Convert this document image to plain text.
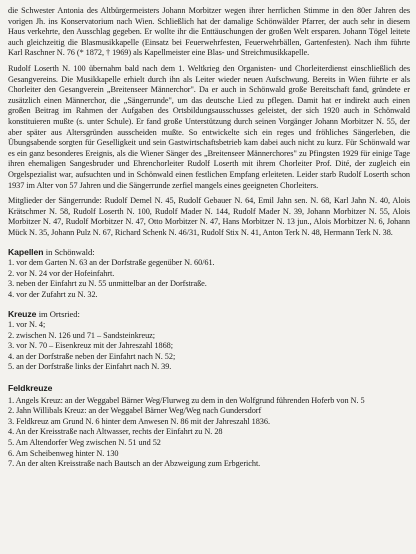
die Schwester Antonia des Altbürgermeisters Johann Morbitzer wegen ihrer herrlichen Stimme in den 80er Jahren des vorigen Jh. ins Konservatorium nach Wien. Schließlich hat der damalige Schönwälder Pfarrer, der auch sehr in diesem Haus verkehrte, den Ausschlag gegeben. Er wollte ihr die Enttäuschungen der großen Welt ersparen. Johann Tögel leitete auch gleichzeitig die Blasmusikkapelle (Einsatz bei Feuerwehrfesten, Feuerwehrbällen, Gartenfesten). Nach ihm führte Karl Raschner N. 76 (* 1872, † 1969) als Kapellmeister eine Blas- und Streichmusikkapelle.

Rudolf Loserth N. 100 übernahm bald nach dem 1. Weltkrieg den Organisten- und Chorleiterdienst einschließlich des Gesangvereins. Die Musikkapelle erhielt durch ihn als Leiter wieder neuen Aufschwung. Bereits in Wien führte er als Chorleiter den Gesangverein „Breitenseer Männerchor". Da er auch in Schönwald große Bereitschaft fand, gründete er zusätzlich einen Männerchor, die „Sängerrunde", um das deutsche Lied zu pflegen. Damit hat er indirekt auch einen großen Beitrag im Rahmen der Aufgaben des Ortsbildungsausschusses geleistet, der sich 1920 auch in Schönwald konstituieren mußte (s. unter Schule). Er fand große Unterstützung durch seinen Vorgänger Johann Morbitzer N. 55, der aber später aus Altersgründen ausscheiden mußte. So entwickelte sich ein reges und fröhliches Sängerleben, die Übungsabende sorgten für Geselligkeit und sein Gastwirtschaftsbetrieb kam dabei auch nicht zu kurz. Für Schönwald war es ein ganz besonderes Ereignis, als die Wiener Sänger des „Breitenseer Männerchores" zu Pfingsten 1929 für einige Tage ihren ehemaligen Sangesbruder und Ehrenchorleiter Rudolf Loserth mit ihrem Chorleiter Prof. Dité, der zugleich ein Orgelspezialist war, aufsuchten und in Schönwald einen festlichen Empfang erleiteten. Leider starb Rudolf Loserth schon 1937 im Alter von 57 Jahren und die Sängerrunde zerfiel mangels eines geeigneten Chorleiters.

Mitglieder der Sängerrunde: Rudolf Demel N. 45, Rudolf Gebauer N. 64, Emil Jahn sen. N. 68, Karl Jahn N. 40, Alois Krätschmer N. 58, Rudolf Loserth N. 100, Rudolf Mader N. 144, Rudolf Mader N. 39, Johann Morbitzer N. 55, Alois Morbitzer N. 47, Rudolf Morbitzer N. 47, Otto Morbitzer N. 47, Hans Morbitzer N. 13 jun., Alois Morbitzer N. 6, Johann Mück N. 35, Johann Pulz N. 67, Richard Schenk N. 46/31, Rudolf Stix N. 41, Anton Terk N. 48, Hermann Terk N. 38.

Kapellen in Schönwald:
1. vor dem Garten N. 63 an der Dorfstraße gegenüber N. 60/61.
2. vor N. 24 vor der Hofeinfahrt.
3. neben der Einfahrt zu N. 55 unmittelbar an der Dorfstraße.
4. vor der Zufahrt zu N. 32.
Kreuze im Ortsried:
1. vor N. 4;
2. zwischen N. 126 und 71 – Sandsteinkreuz;
3. vor N. 70 – Eisenkreuz mit der Jahreszahl 1868;
4. an der Dorfstraße neben der Einfahrt nach N. 52;
5. an der Dorfstraße links der Einfahrt nach N. 39.
Feldkreuze
1. Angels Kreuz: an der Weggabel Bärner Weg/Flurweg zu dem in den Wolfgrund führenden Hoferb von N. 5
2. Jahn Willibals Kreuz: an der Weggabel Bärner Weg/Weg nach Gundersdorf
3. Feldkreuz am Grund N. 6 hinter dem Anwesen N. 86 mit der Jahreszahl 1836.
4. An der Kreisstraße nach Altwasser, rechts der Einfahrt zu N. 28
5. Am Altendorfer Weg zwischen N. 51 und 52
6. Am Scheibenweg hinter N. 130
7. An der alten Kreisstraße nach Bautsch an der Abzweigung zum Erbgericht.
